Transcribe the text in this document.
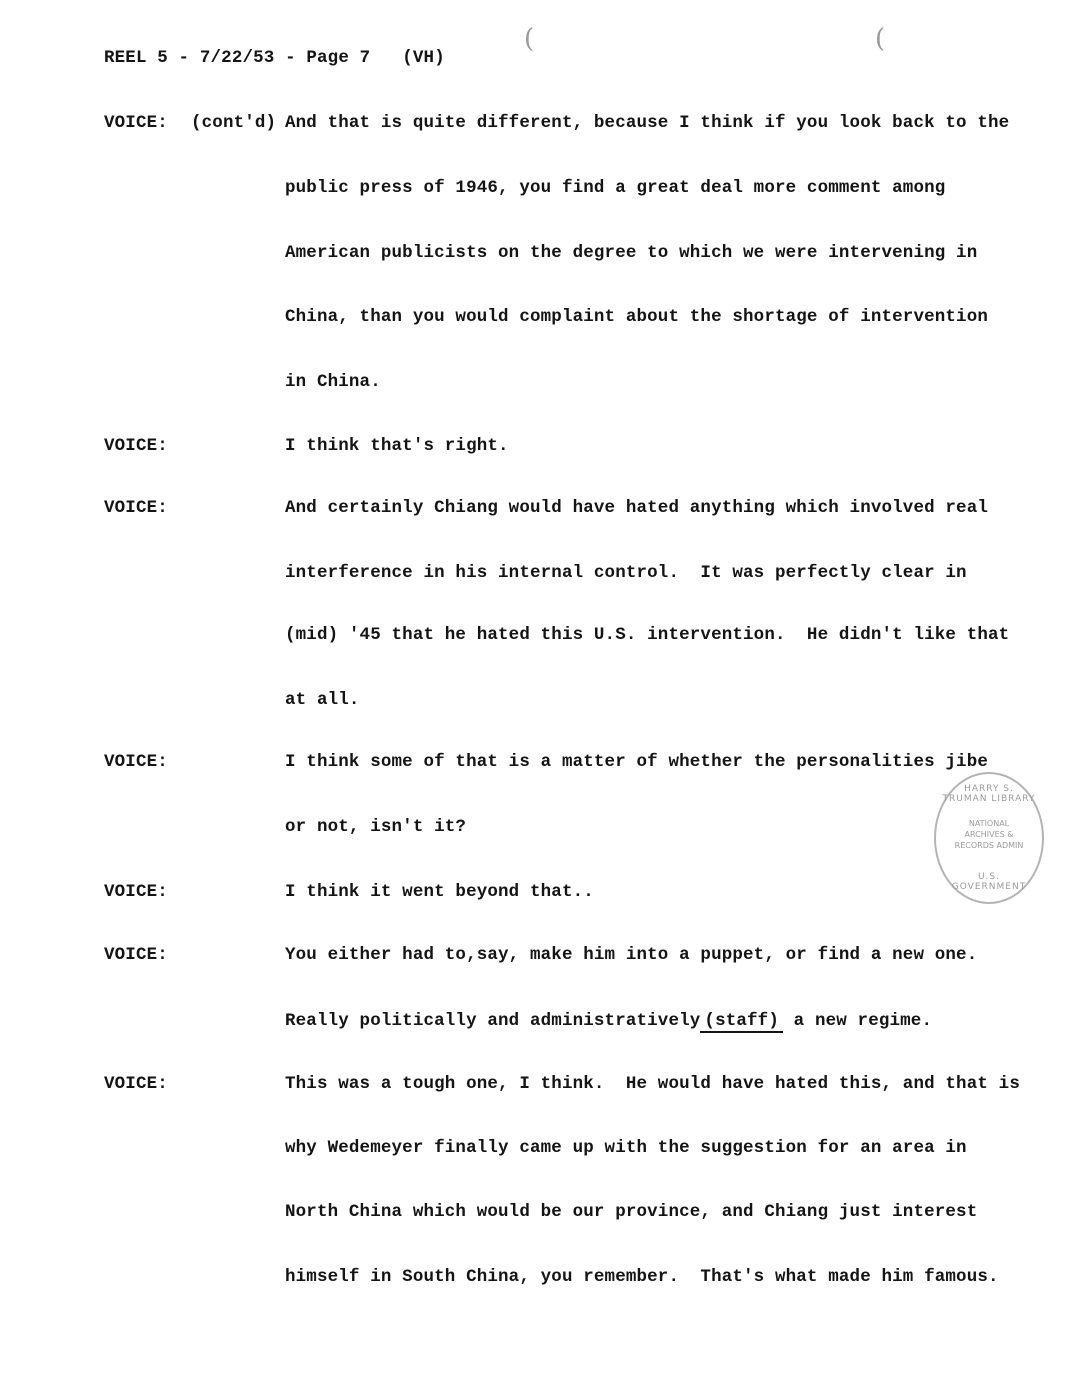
REEL 5 - 7/22/53 - Page 7   (VH)
VOICE: (cont'd) And that is quite different, because I think if you look back to the
public press of 1946, you find a great deal more comment among
American publicists on the degree to which we were intervening in
China, than you would complaint about the shortage of intervention
in China.
VOICE:	I think that's right.
VOICE:	And certainly Chiang would have hated anything which involved real
interference in his internal control.  It was perfectly clear in
(mid) '45 that he hated this U.S. intervention.  He didn't like that
at all.
VOICE:	I think some of that is a matter of whether the personalities jibe
or not, isn't it?
VOICE:	I think it went beyond that..
VOICE:	You either had to,say, make him into a puppet, or find a new one.
Really politically and administratively (staff) a new regime.
VOICE:	This was a tough one, I think.  He would have hated this, and that is
why Wedemeyer finally came up with the suggestion for an area in
North China which would be our province, and Chiang just interest
himself in South China, you remember.  That's what made him famous.
(	(
HARRY S. TRUMAN LIBRARY
NATIONAL ARCHIVES & RECORDS ADMIN
U.S. GOVERNMENT
